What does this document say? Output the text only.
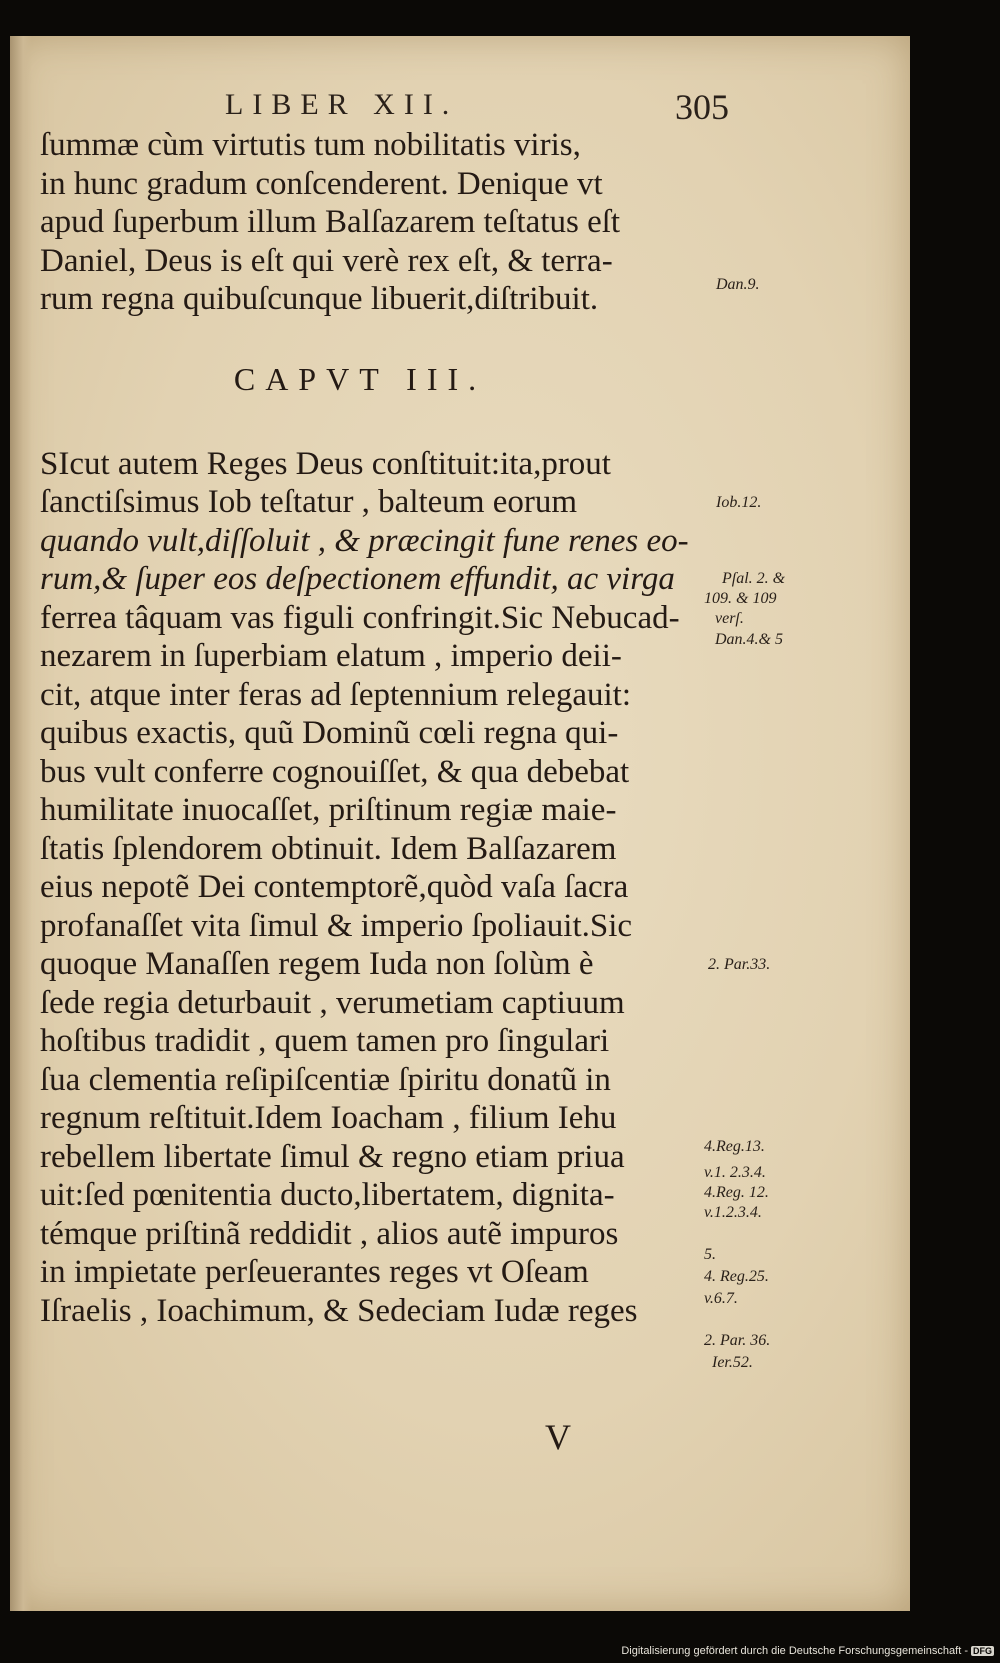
LIBER XII.	305
ſummæ cùm virtutis tum nobilitatis viris,
in hunc gradum conſcenderent. Denique vt
apud ſuperbum illum Balſazarem teſtatus eſt
Daniel, Deus is eſt qui verè rex eſt, & terra-
rum regna quibuſcunque libuerit,diſtribuit.
CAPVT III.
SIcut autem Reges Deus conſtituit:ita,prout
ſanctiſsimus Iob teſtatur , balteum eorum
quando vult,diſſoluit , & præcingit fune renes eo-
rum,& ſuper eos deſpectionem effundit, ac virga
ferrea tâquam vas figuli confringit.Sic Nebucad-
nezarem in ſuperbiam elatum , imperio deii-
cit, atque inter feras ad ſeptennium relegauit:
quibus exactis, quũ Dominũ cœli regna qui-
bus vult conferre cognouiſſet, & qua debebat
humilitate inuocaſſet, priſtinum regiæ maie-
ſtatis ſplendorem obtinuit. Idem Balſazarem
eius nepotẽ Dei contemptorẽ,quòd vaſa ſacra
profanaſſet vita ſimul & imperio ſpoliauit.Sic
quoque Manaſſen regem Iuda non ſolùm è
ſede regia deturbauit , verumetiam captiuum
hoſtibus tradidit , quem tamen pro ſingulari
ſua clementia reſipiſcentiæ ſpiritu donatũ in
regnum reſtituit.Idem Ioacham , filium Iehu
rebellem libertate ſimul & regno etiam priua
uit:ſed pœnitentia ducto,libertatem, dignita-
témque priſtinã reddidit , alios autẽ impuros
in impietate perſeuerantes reges vt Oſeam
Iſraelis , Ioachimum, & Sedeciam Iudæ reges
Dan.9.
Iob.12.
Pſal. 2. &
109. & 109
verſ.
Dan.4.& 5
2. Par.33.
4.Reg.13.
v.1. 2.3.4.
4.Reg. 12.
v.1.2.3.4.
5.
4. Reg.25.
v.6.7.
2. Par. 36.
Ier.52.
V
Digitalisierung gefördert durch die Deutsche Forschungsgemeinschaft - DFG
